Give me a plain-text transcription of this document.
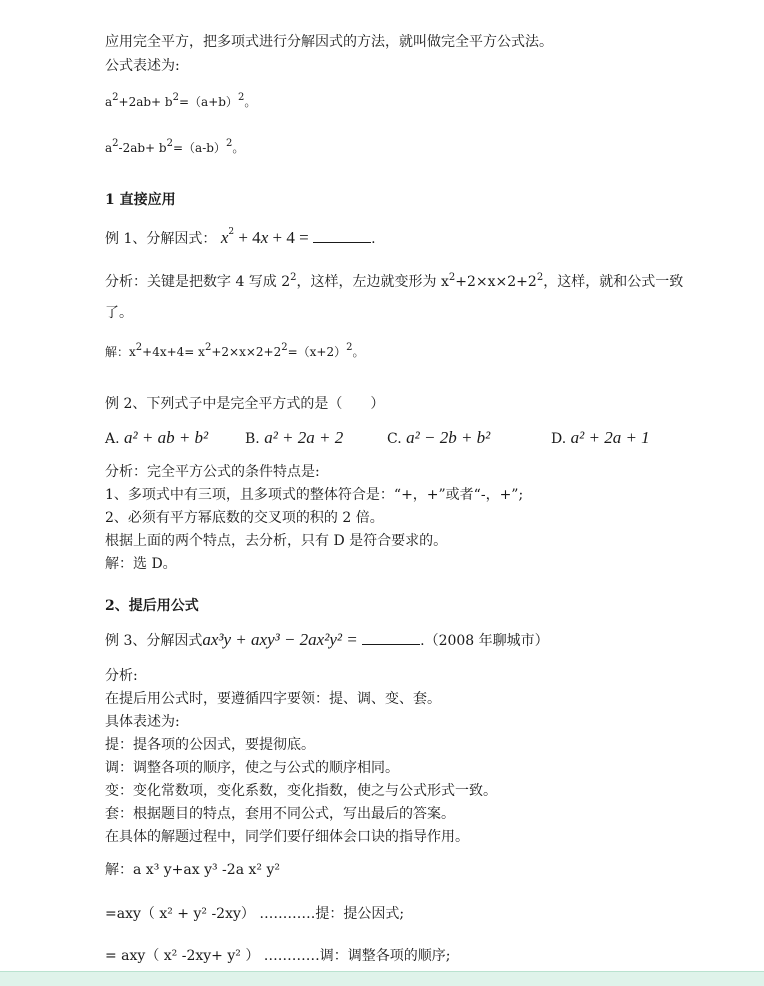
应用完全平方，把多项式进行分解因式的方法，就叫做完全平方公式法。
公式表述为:
$a^2+2ab+ b^2=(a+b)^2$。
$a^2-2ab+ b^2=(a-b)^2$。
1 直接应用
例 1、分解因式： $x^2 + 4x + 4$ =	.
分析：关键是把数字 4 写成 $2^2$，这样，左边就变形为 $x^2+2\times x\times 2+2^2$，这样，就和公式一致
了。
解：$x^2+4x+4= x^2+2\times x\times 2+2^2=(x+2)^2$。
例 2、下列式子中是完全平方式的是（　　）
A. a² + ab + b²	B. a² + 2a + 2	C. a² − 2b + b²	D. a² + 2a + 1
分析：完全平方公式的条件特点是:
1、多项式中有三项，且多项式的整体符合是：“+，+”或者“-，+”;
2、必须有平方幂底数的交叉项的积的 2 倍。
根据上面的两个特点，去分析，只有 D 是符合要求的。
解：选 D。
2、提后用公式
例 3、分解因式ax³y + axy³ − 2ax²y² =	.（2008 年聊城市）
分析:
在提后用公式时，要遵循四字要领：提、调、变、套。
具体表述为:
提：提各项的公因式，要提彻底。
调：调整各项的顺序，使之与公式的顺序相同。
变：变化常数项，变化系数，变化指数，使之与公式形式一致。
套：根据题目的特点，套用不同公式，写出最后的答案。
在具体的解题过程中，同学们要仔细体会口诀的指导作用。
解：a x³ y+ax y³ -2a x² y²
=axy（ x² + y² -2xy） …………提：提公因式;
= axy（ x² -2xy+ y² ） …………调：调整各项的顺序;
